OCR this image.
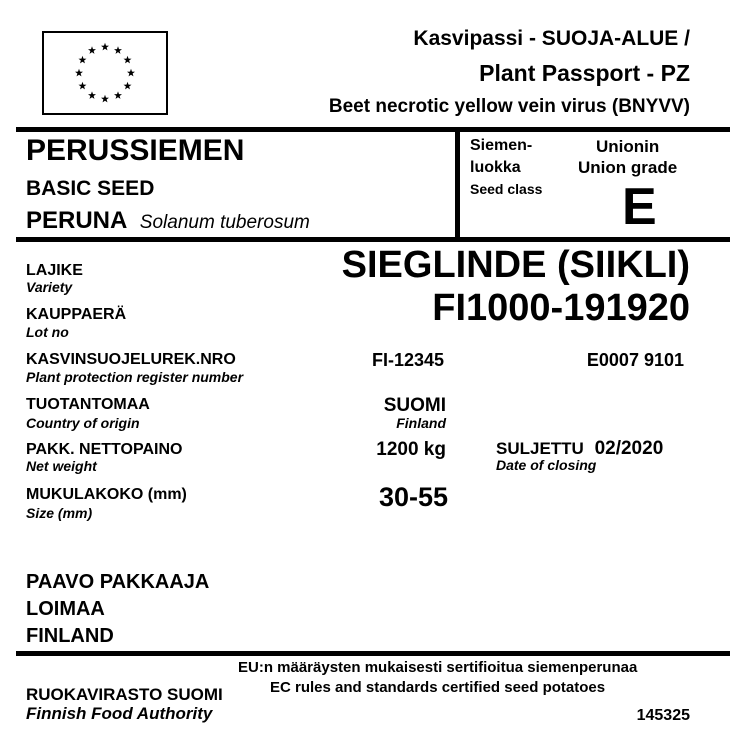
Kasvipassi - SUOJA-ALUE /
Plant Passport - PZ
Beet necrotic yellow vein virus (BNYVV)
PERUSSIEMEN
BASIC SEED
PERUNA Solanum tuberosum
Siemen-
luokka
Seed class
Unionin
Union grade
E
LAJIKE
Variety
SIEGLINDE (SIIKLI)
KAUPPAERÄ
Lot no
FI1000-191920
KASVINSUOJELUREK.NRO
Plant protection register number
FI-12345	E0007 9101
TUOTANTOMAA
Country of origin
SUOMI
Finland
PAKK. NETTOPAINO
Net weight
1200 kg	SULJETTU 02/2020
Date of closing
MUKULAKOKO (mm)
Size (mm)
30-55
PAAVO PAKKAAJA
LOIMAA
FINLAND
EU:n määräysten mukaisesti sertifioitua siemenperunaa
EC rules and standards certified seed potatoes
RUOKAVIRASTO SUOMI
Finnish Food Authority	145325
